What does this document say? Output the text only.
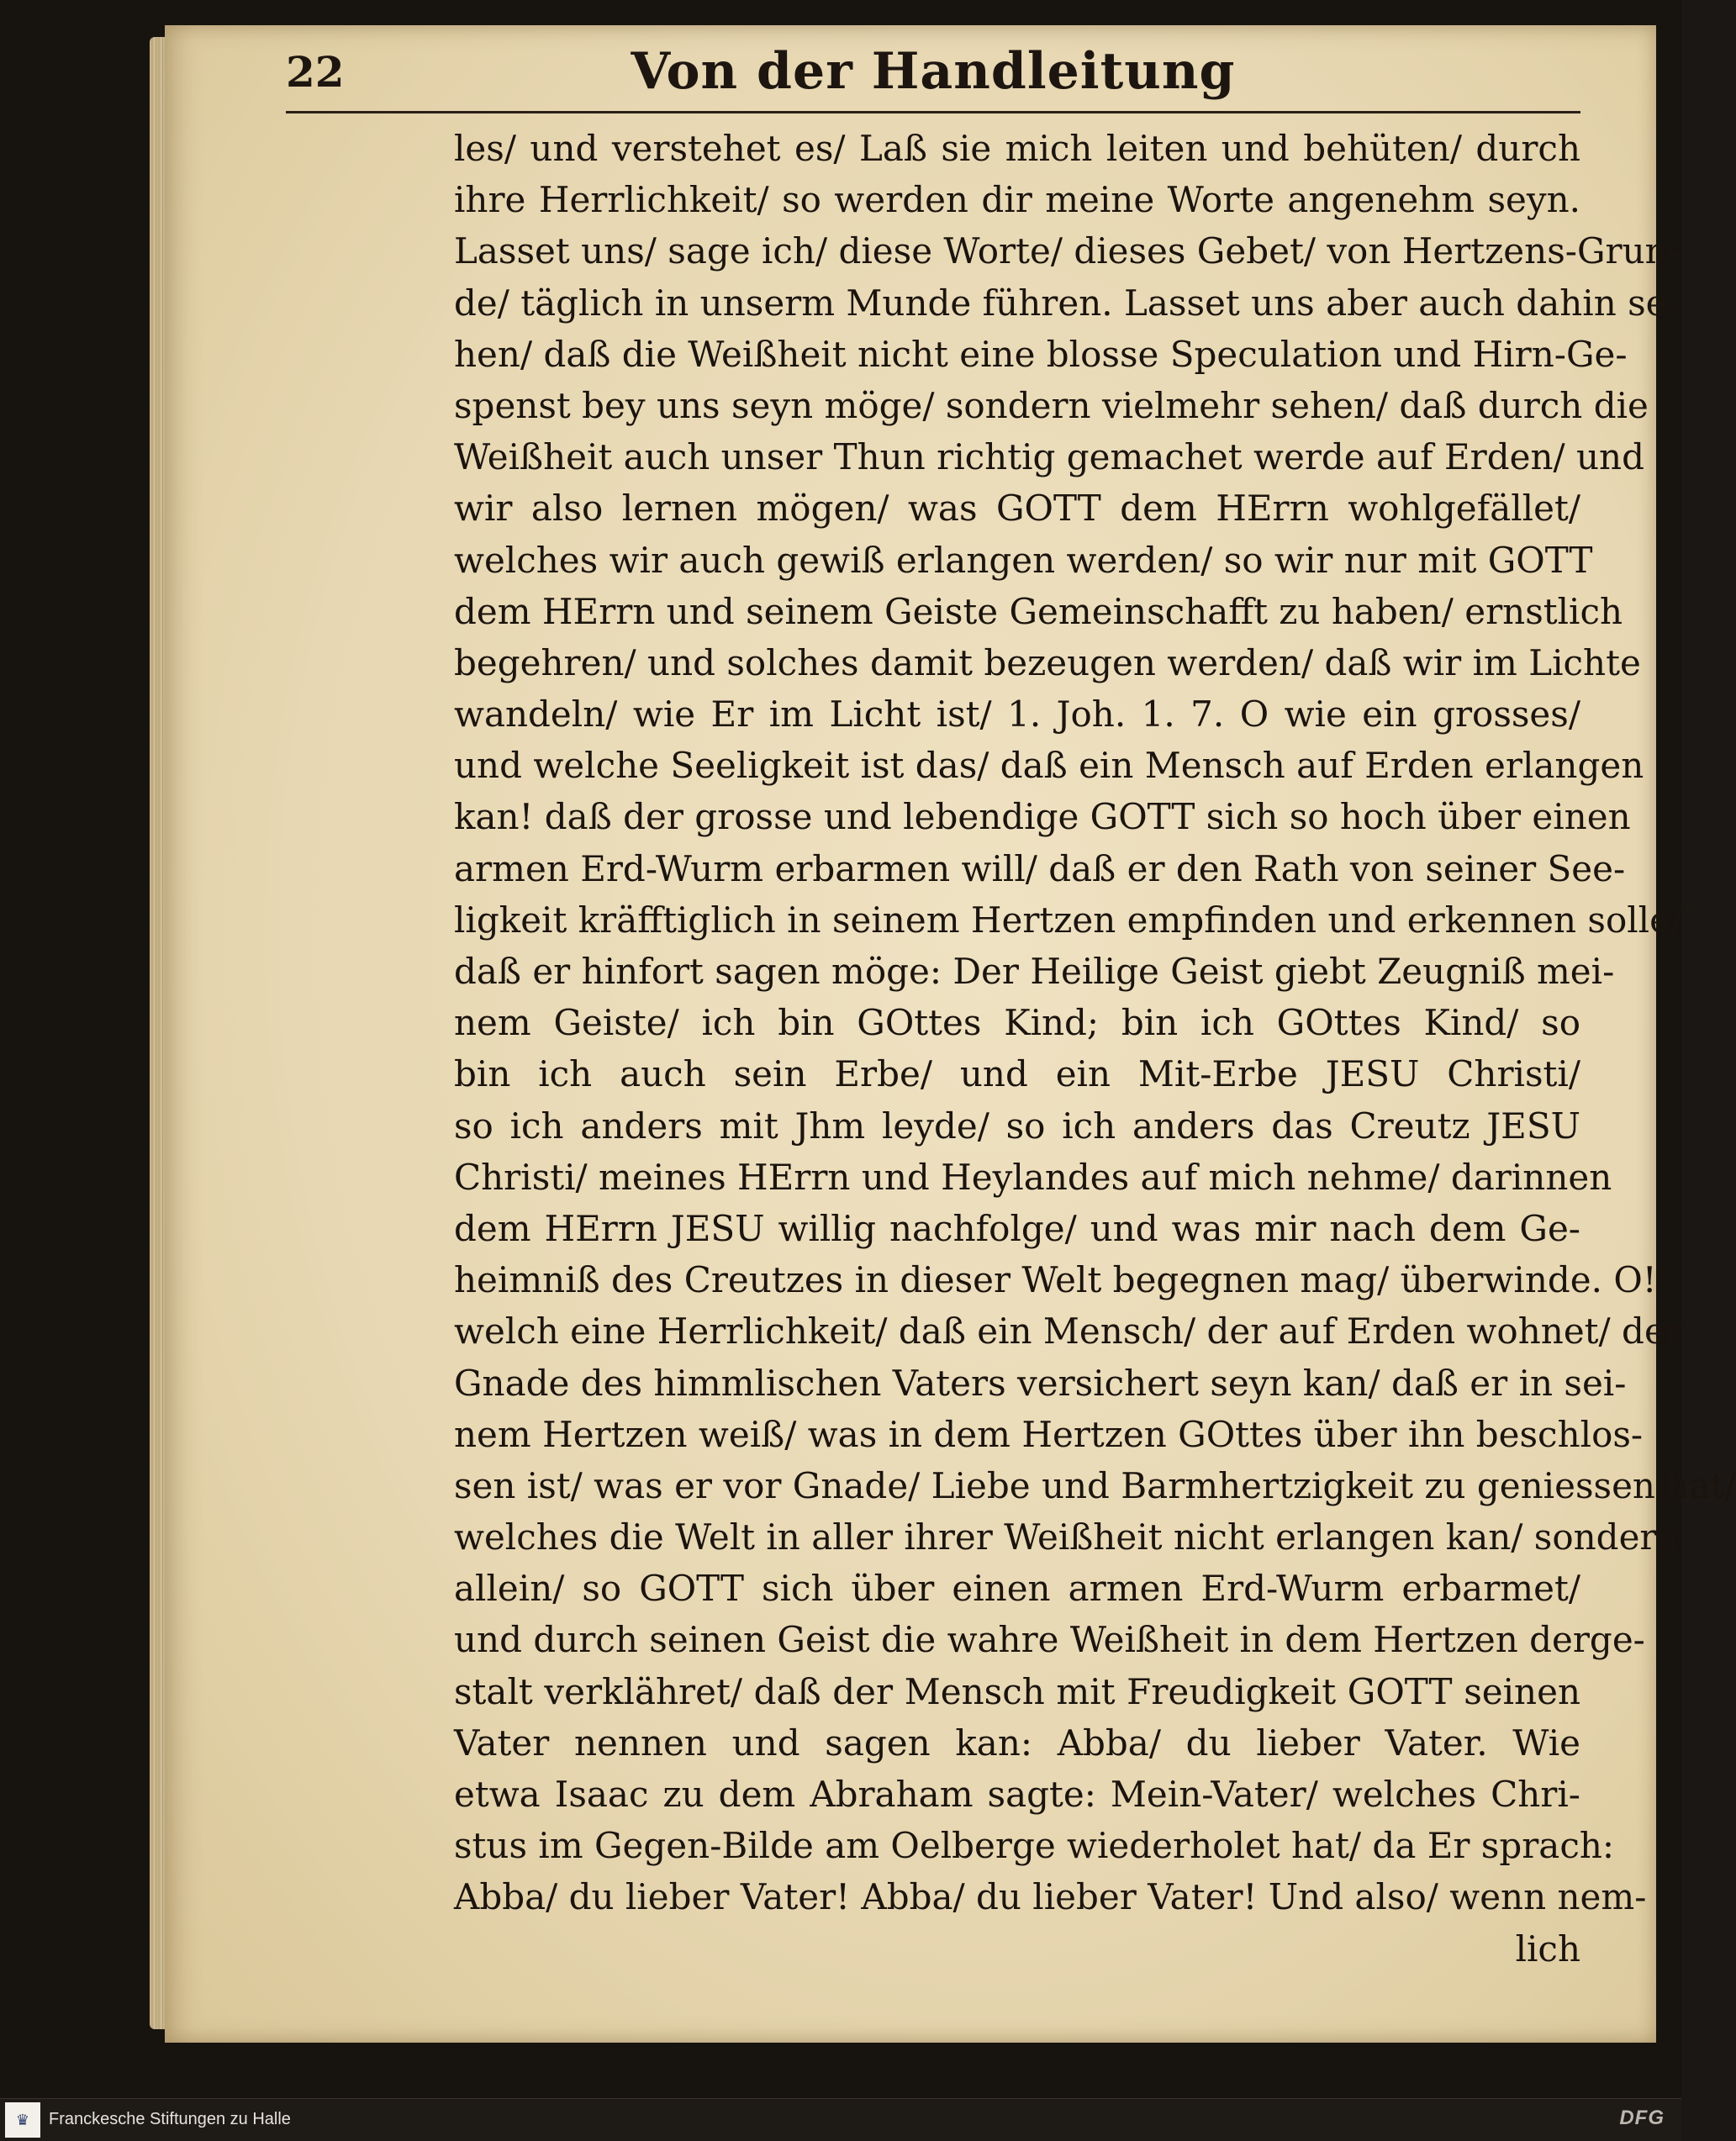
22	Von der Handleitung
les/ und verstehet es/ Laß sie mich leiten und behüten/ durch
ihre Herrlichkeit/ so werden dir meine Worte angenehm seyn.
Lasset uns/ sage ich/ diese Worte/ dieses Gebet/ von Hertzens-Grun-
de/ täglich in unserm Munde führen. Lasset uns aber auch dahin se-
hen/ daß die Weißheit nicht eine blosse Speculation und Hirn-Ge-
spenst bey uns seyn möge/ sondern vielmehr sehen/ daß durch die
Weißheit auch unser Thun richtig gemachet werde auf Erden/ und
wir also lernen mögen/ was GOTT dem HErrn wohlgefället/
welches wir auch gewiß erlangen werden/ so wir nur mit GOTT
dem HErrn und seinem Geiste Gemeinschafft zu haben/ ernstlich
begehren/ und solches damit bezeugen werden/ daß wir im Lichte
wandeln/ wie Er im Licht ist/ 1. Joh. 1. 7. O wie ein grosses/
und welche Seeligkeit ist das/ daß ein Mensch auf Erden erlangen
kan! daß der grosse und lebendige GOTT sich so hoch über einen
armen Erd-Wurm erbarmen will/ daß er den Rath von seiner See-
ligkeit kräfftiglich in seinem Hertzen empfinden und erkennen solle/
daß er hinfort sagen möge: Der Heilige Geist giebt Zeugniß mei-
nem Geiste/ ich bin GOttes Kind; bin ich GOttes Kind/ so
bin ich auch sein Erbe/ und ein Mit-Erbe JESU Christi/
so ich anders mit Jhm leyde/ so ich anders das Creutz JESU
Christi/ meines HErrn und Heylandes auf mich nehme/ darinnen
dem HErrn JESU willig nachfolge/ und was mir nach dem Ge-
heimniß des Creutzes in dieser Welt begegnen mag/ überwinde. O!
welch eine Herrlichkeit/ daß ein Mensch/ der auf Erden wohnet/ der
Gnade des himmlischen Vaters versichert seyn kan/ daß er in sei-
nem Hertzen weiß/ was in dem Hertzen GOttes über ihn beschlos-
sen ist/ was er vor Gnade/ Liebe und Barmhertzigkeit zu geniessen hat/
welches die Welt in aller ihrer Weißheit nicht erlangen kan/ sondern
allein/ so GOTT sich über einen armen Erd-Wurm erbarmet/
und durch seinen Geist die wahre Weißheit in dem Hertzen derge-
stalt verklähret/ daß der Mensch mit Freudigkeit GOTT seinen
Vater nennen und sagen kan: Abba/ du lieber Vater. Wie
etwa Isaac zu dem Abraham sagte: Mein-Vater/ welches Chri-
stus im Gegen-Bilde am Oelberge wiederholet hat/ da Er sprach:
Abba/ du lieber Vater! Abba/ du lieber Vater! Und also/ wenn nem-
lich
♛ Franckesche Stiftungen zu Halle	DFG
